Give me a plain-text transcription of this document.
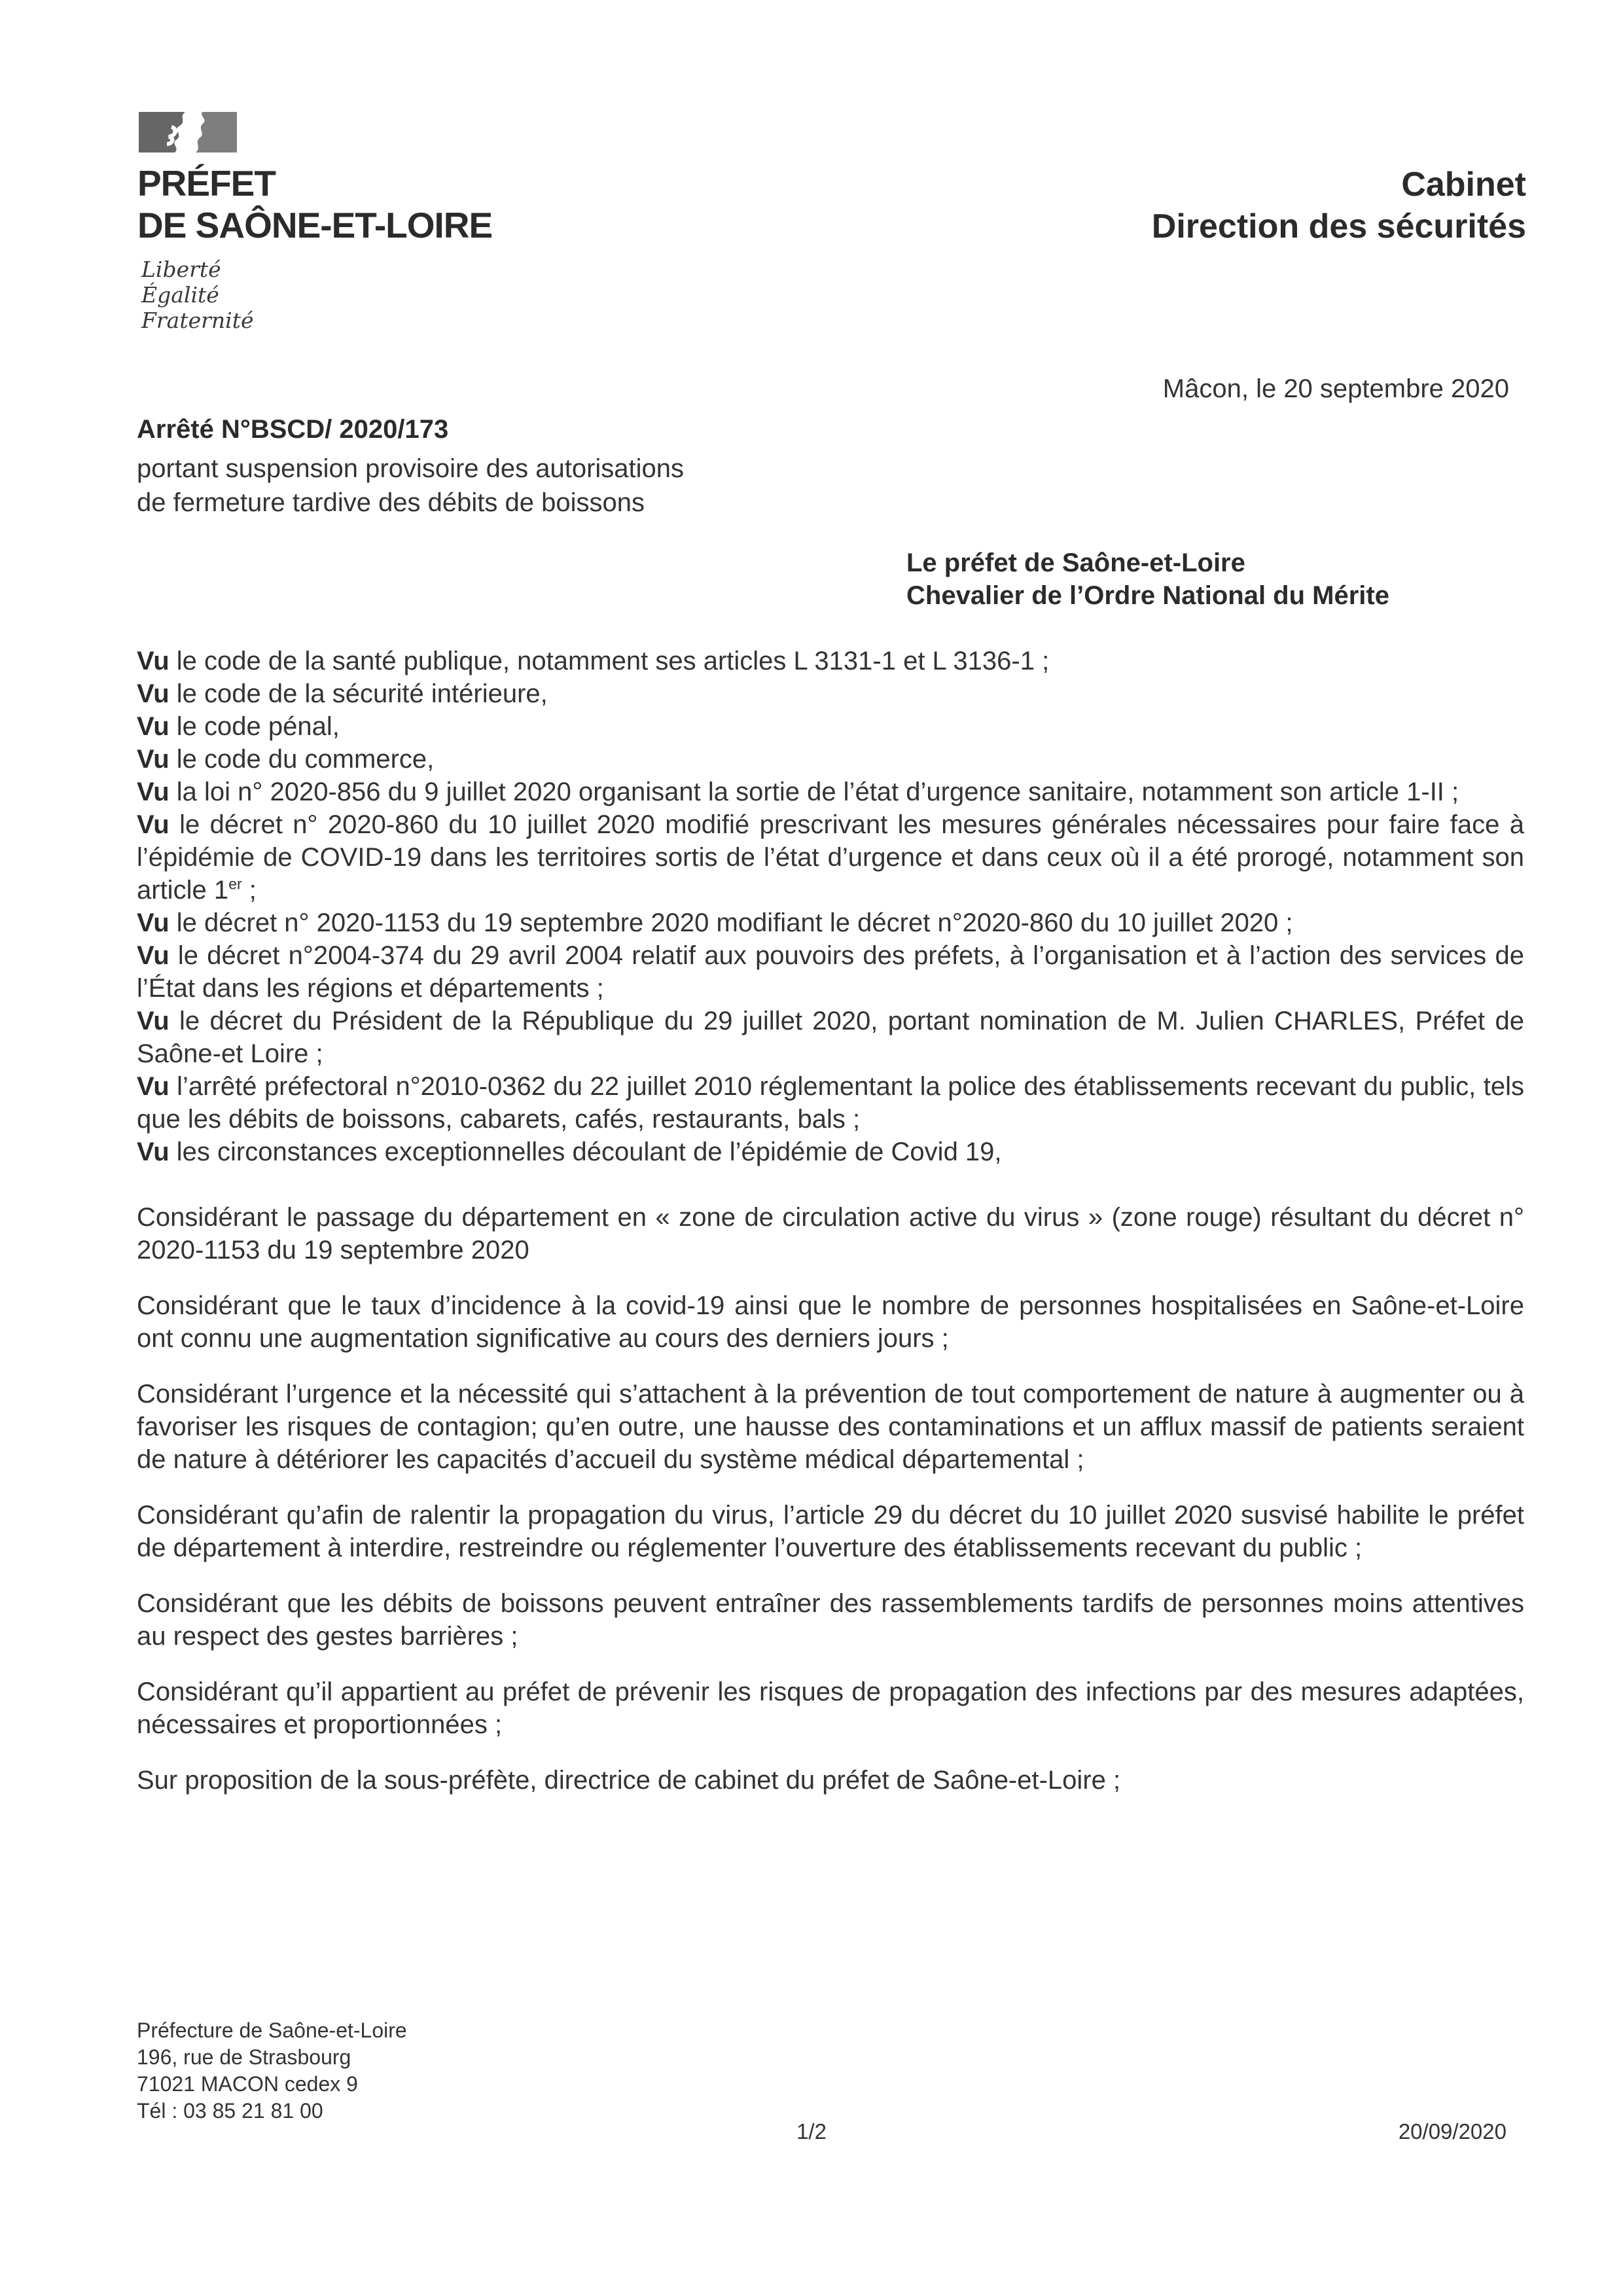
PRÉFET
DE SAÔNE-ET-LOIRE
Liberté
Égalité
Fraternité
Cabinet
Direction des sécurités
Mâcon, le 20 septembre 2020

Arrêté N°BSCD/ 2020/173

portant suspension provisoire des autorisations

de fermeture tardive des débits de boissons

Le préfet de Saône-et-Loire
Chevalier de l’Ordre National du Mérite

Vu le code de la santé publique, notamment ses articles L 3131-1 et L 3136-1 ;

Vu le code de la sécurité intérieure,

Vu le code pénal,

Vu le code du commerce,

Vu la loi n° 2020-856 du 9 juillet 2020 organisant la sortie de l’état d’urgence sanitaire, notamment son article 1-II ;

Vu le décret n° 2020-860 du 10 juillet 2020 modifié prescrivant les mesures générales nécessaires pour faire face à l’épidémie de COVID-19 dans les territoires sortis de l’état d’urgence et dans ceux où il a été prorogé, notamment son article 1er ;

Vu le décret n° 2020-1153 du 19 septembre 2020 modifiant le décret n°2020-860 du 10 juillet 2020 ;

Vu le décret n°2004-374 du 29 avril 2004 relatif aux pouvoirs des préfets, à l’organisation et à l’action des services de l’État dans les régions et départements ;

Vu le décret du Président de la République du 29 juillet 2020, portant nomination de M. Julien CHARLES, Préfet de Saône-et Loire ;

Vu l’arrêté préfectoral n°2010-0362 du 22 juillet 2010 réglementant la police des établissements recevant du public, tels que les débits de boissons, cabarets, cafés, restaurants, bals ;

Vu les circonstances exceptionnelles découlant de l’épidémie de Covid 19,

Considérant le passage du département en « zone de circulation active du virus » (zone rouge) résultant du décret n° 2020-1153 du 19 septembre 2020

Considérant que le taux d’incidence à la covid-19 ainsi que le nombre de personnes hospitalisées en Saône-et-Loire ont connu une augmentation significative au cours des derniers jours ;

Considérant l’urgence et la nécessité qui s’attachent à la prévention de tout comportement de nature à augmenter ou à favoriser les risques de contagion; qu’en outre, une hausse des contaminations et un afflux massif de patients seraient de nature à détériorer les capacités d’accueil du système médical départemental ;

Considérant qu’afin de ralentir la propagation du virus, l’article 29 du décret du 10 juillet 2020 susvisé habilite le préfet de département à interdire, restreindre ou réglementer l’ouverture des établissements recevant du public ;

Considérant que les débits de boissons peuvent entraîner des rassemblements tardifs de personnes moins attentives au respect des gestes barrières ;

Considérant qu’il appartient au préfet de prévenir les risques de propagation des infections par des mesures adaptées, nécessaires et proportionnées ;

Sur proposition de la sous-préfète, directrice de cabinet du préfet de Saône-et-Loire ;

Préfecture de Saône-et-Loire

196, rue de Strasbourg

71021 MACON cedex 9

Tél : 03 85 21 81 00

1/2	20/09/2020
